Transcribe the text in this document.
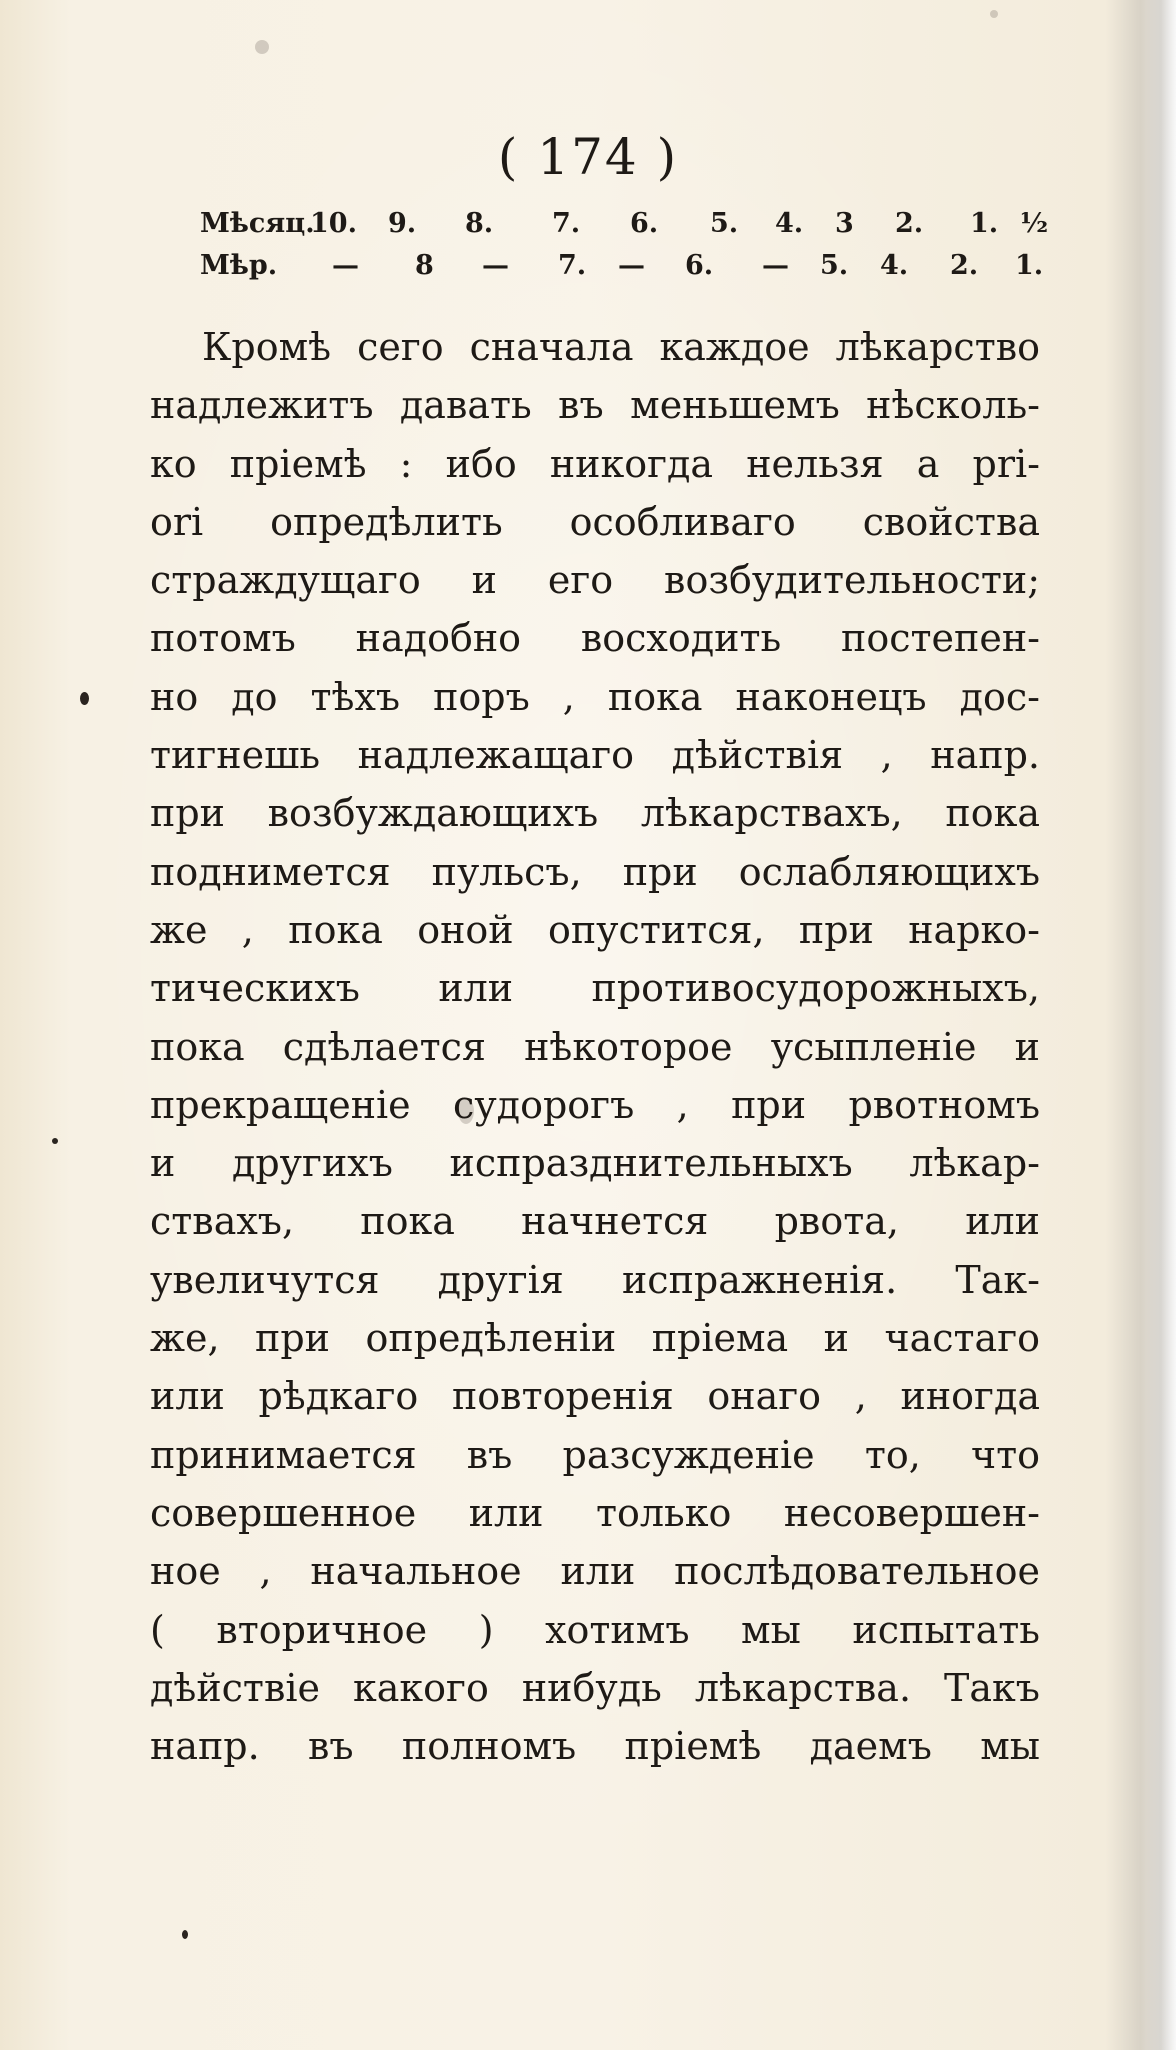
( 174 )
Мѣсяц.
10. 9. 8. 7. 6. 5. 4. 3 2. 1. ½
Мѣр. — 8 — 7. — 6. — 5. 4. 2. 1.
Кромѣ сего сначала каждое лѣкарство
надлежитъ давать въ меньшемъ нѣсколь-
ко прiемѣ : ибо никогда нельзя a pri-
ori опредѣлить особливаго свойства
страждущаго и его возбудительности;
потомъ надобно восходить постепен-
но до тѣхъ поръ , пока наконецъ дос-
тигнешь надлежащаго дѣйствiя , напр.
при возбуждающихъ лѣкарствахъ, пока
поднимется пульсъ, при ослабляющихъ
же , пока оной опустится, при нарко-
тическихъ или противосудорожныхъ,
пока сдѣлается нѣкоторое усыпленiе и
прекращенiе судорогъ , при рвотномъ
и другихъ испразднительныхъ лѣкар-
ствахъ, пока начнется рвота, или
увеличутся другiя испражненiя. Так-
же, при опредѣленiи прiема и частаго
или рѣдкаго повторенiя онаго , иногда
принимается въ разсужденiе то, что
совершенное или только несовершен-
ное , начальное или послѣдовательное
( вторичное ) хотимъ мы испытать
дѣйствiе какого нибудь лѣкарства. Такъ
напр. въ полномъ прiемѣ даемъ мы
